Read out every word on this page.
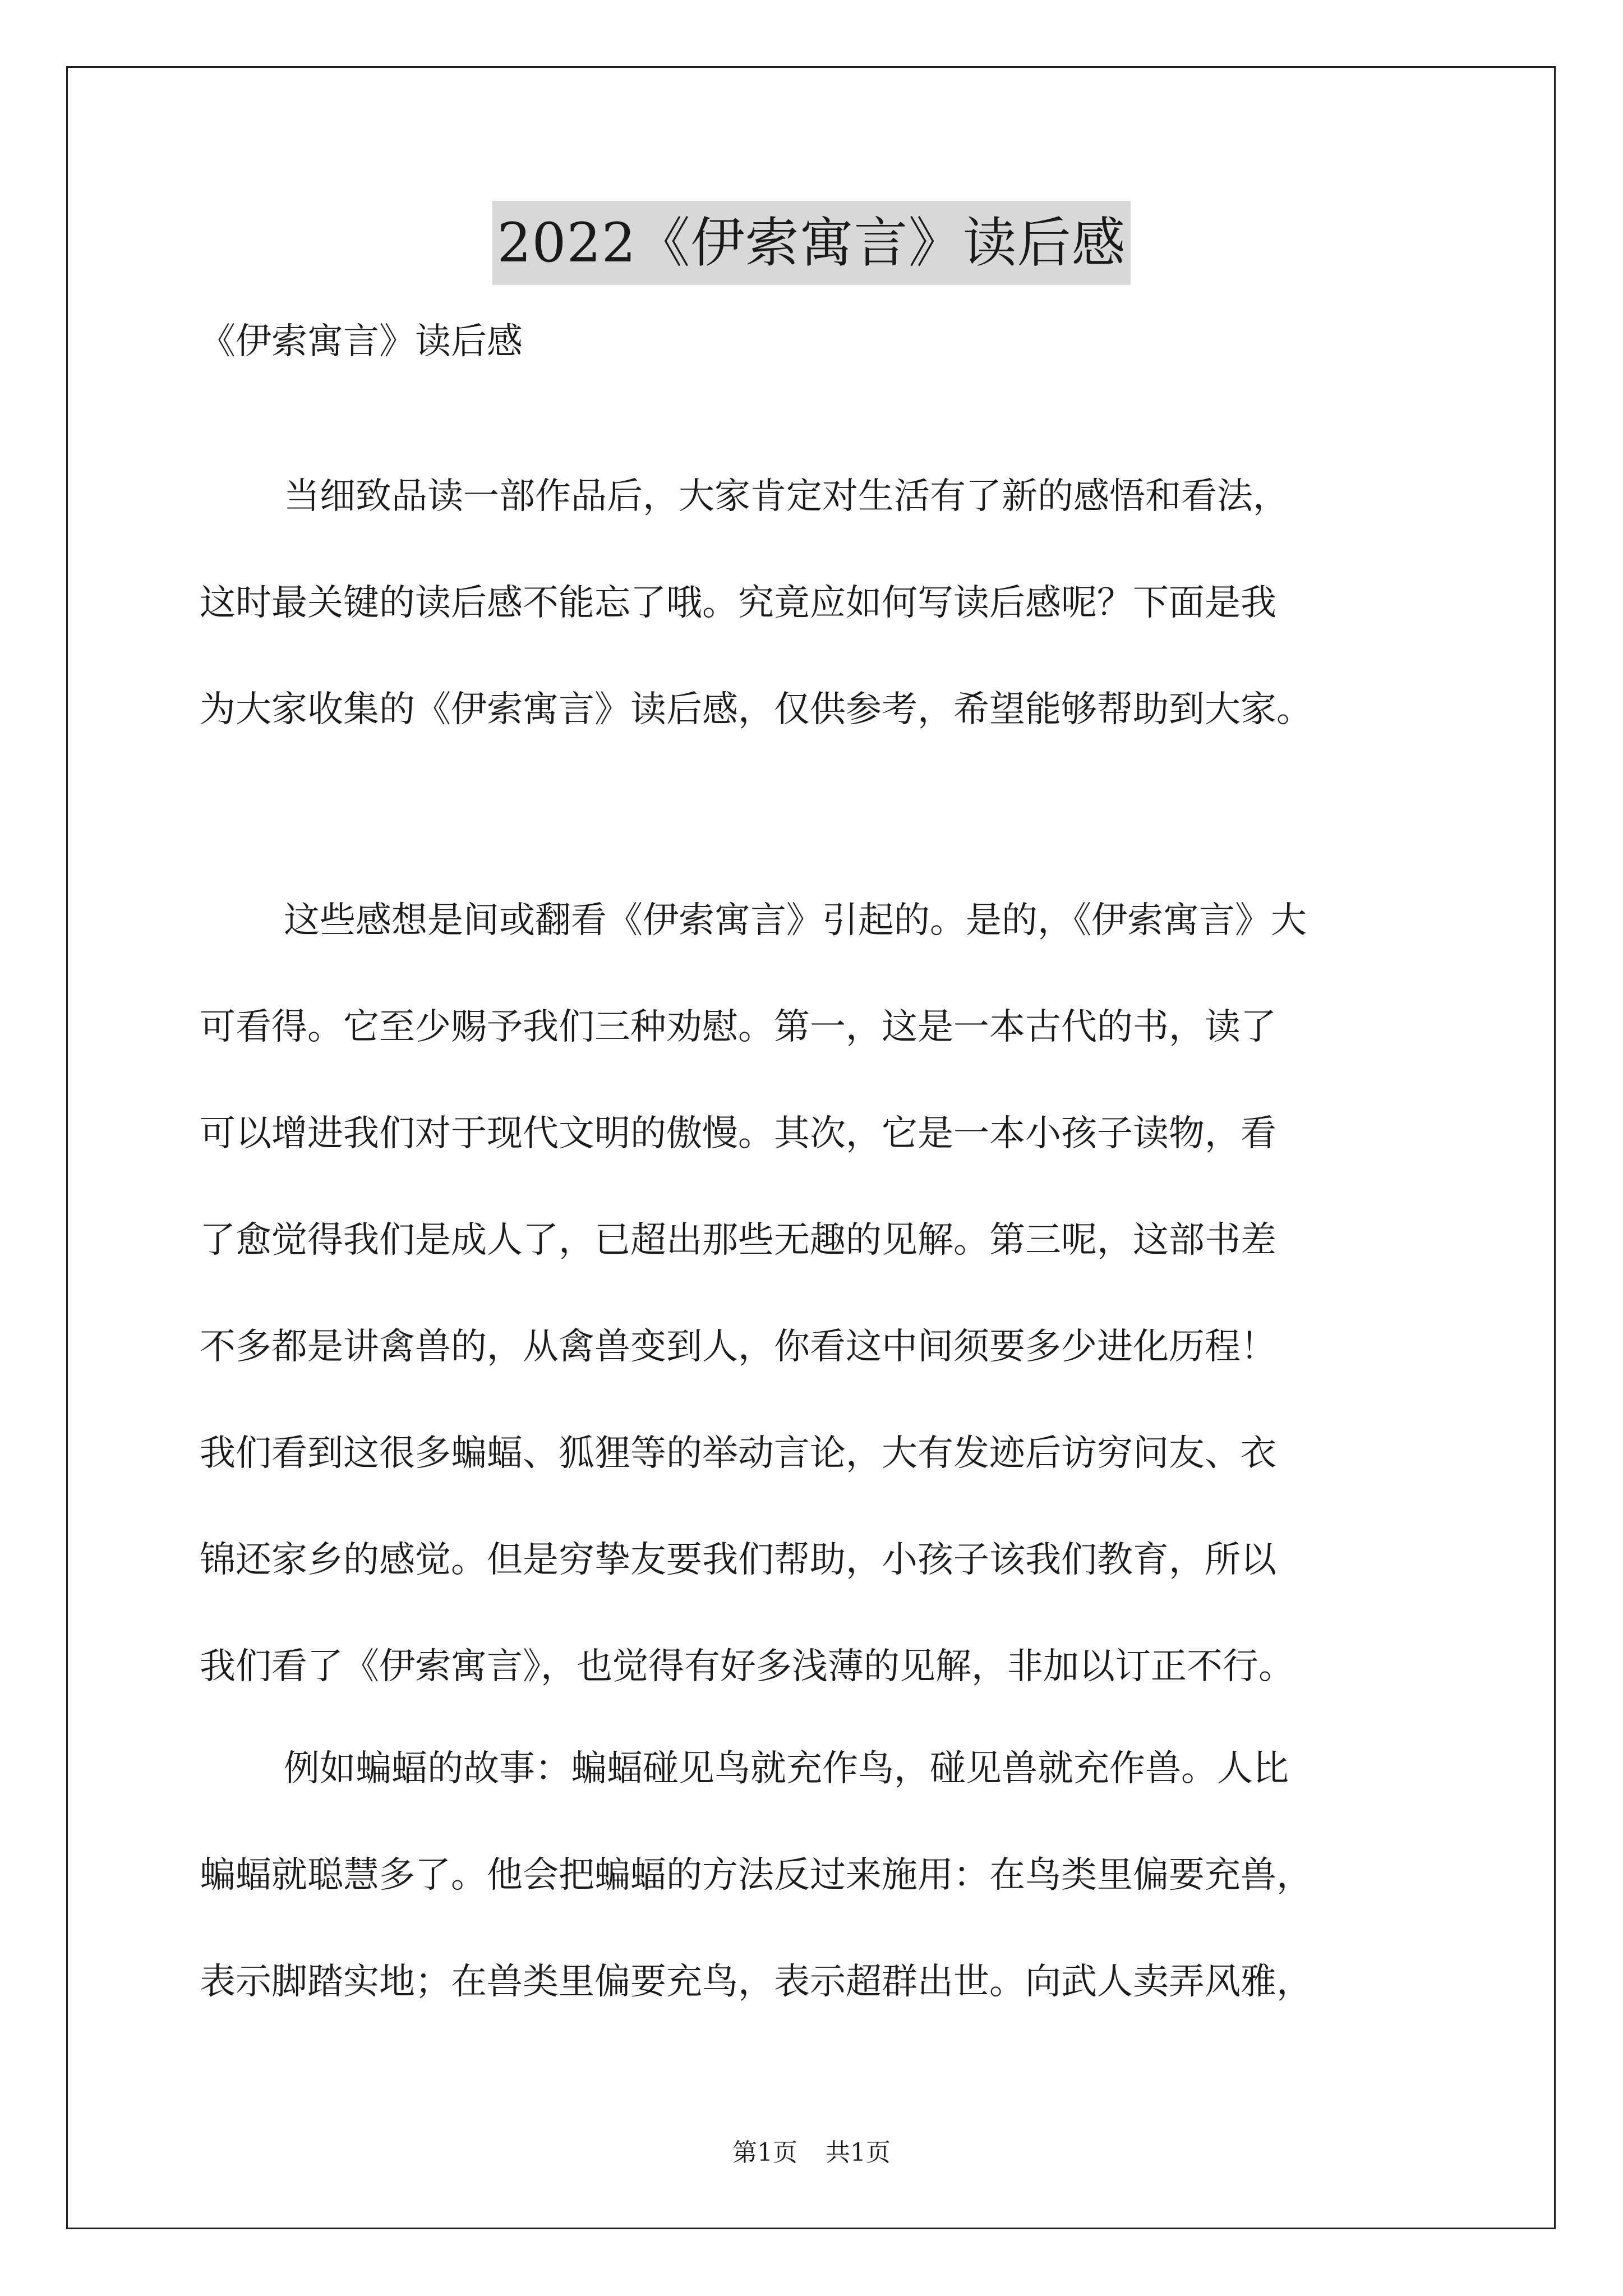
2022《伊索寓言》读后感
《伊索寓言》读后感

当细致品读一部作品后，大家肯定对生活有了新的感悟和看法，
这时最关键的读后感不能忘了哦。究竟应如何写读后感呢？下面是我
为大家收集的《伊索寓言》读后感，仅供参考，希望能够帮助到大家。

这些感想是间或翻看《伊索寓言》引起的。是的，《伊索寓言》大
可看得。它至少赐予我们三种劝慰。第一，这是一本古代的书，读了
可以增进我们对于现代文明的傲慢。其次，它是一本小孩子读物，看
了愈觉得我们是成人了，已超出那些无趣的见解。第三呢，这部书差
不多都是讲禽兽的，从禽兽变到人，你看这中间须要多少进化历程！
我们看到这很多蝙蝠、狐狸等的举动言论，大有发迹后访穷问友、衣
锦还家乡的感觉。但是穷挚友要我们帮助，小孩子该我们教育，所以
我们看了《伊索寓言》，也觉得有好多浅薄的见解，非加以订正不行。

例如蝙蝠的故事：蝙蝠碰见鸟就充作鸟，碰见兽就充作兽。人比
蝙蝠就聪慧多了。他会把蝙蝠的方法反过来施用：在鸟类里偏要充兽，
表示脚踏实地；在兽类里偏要充鸟，表示超群出世。向武人卖弄风雅，

第1页 共1页
